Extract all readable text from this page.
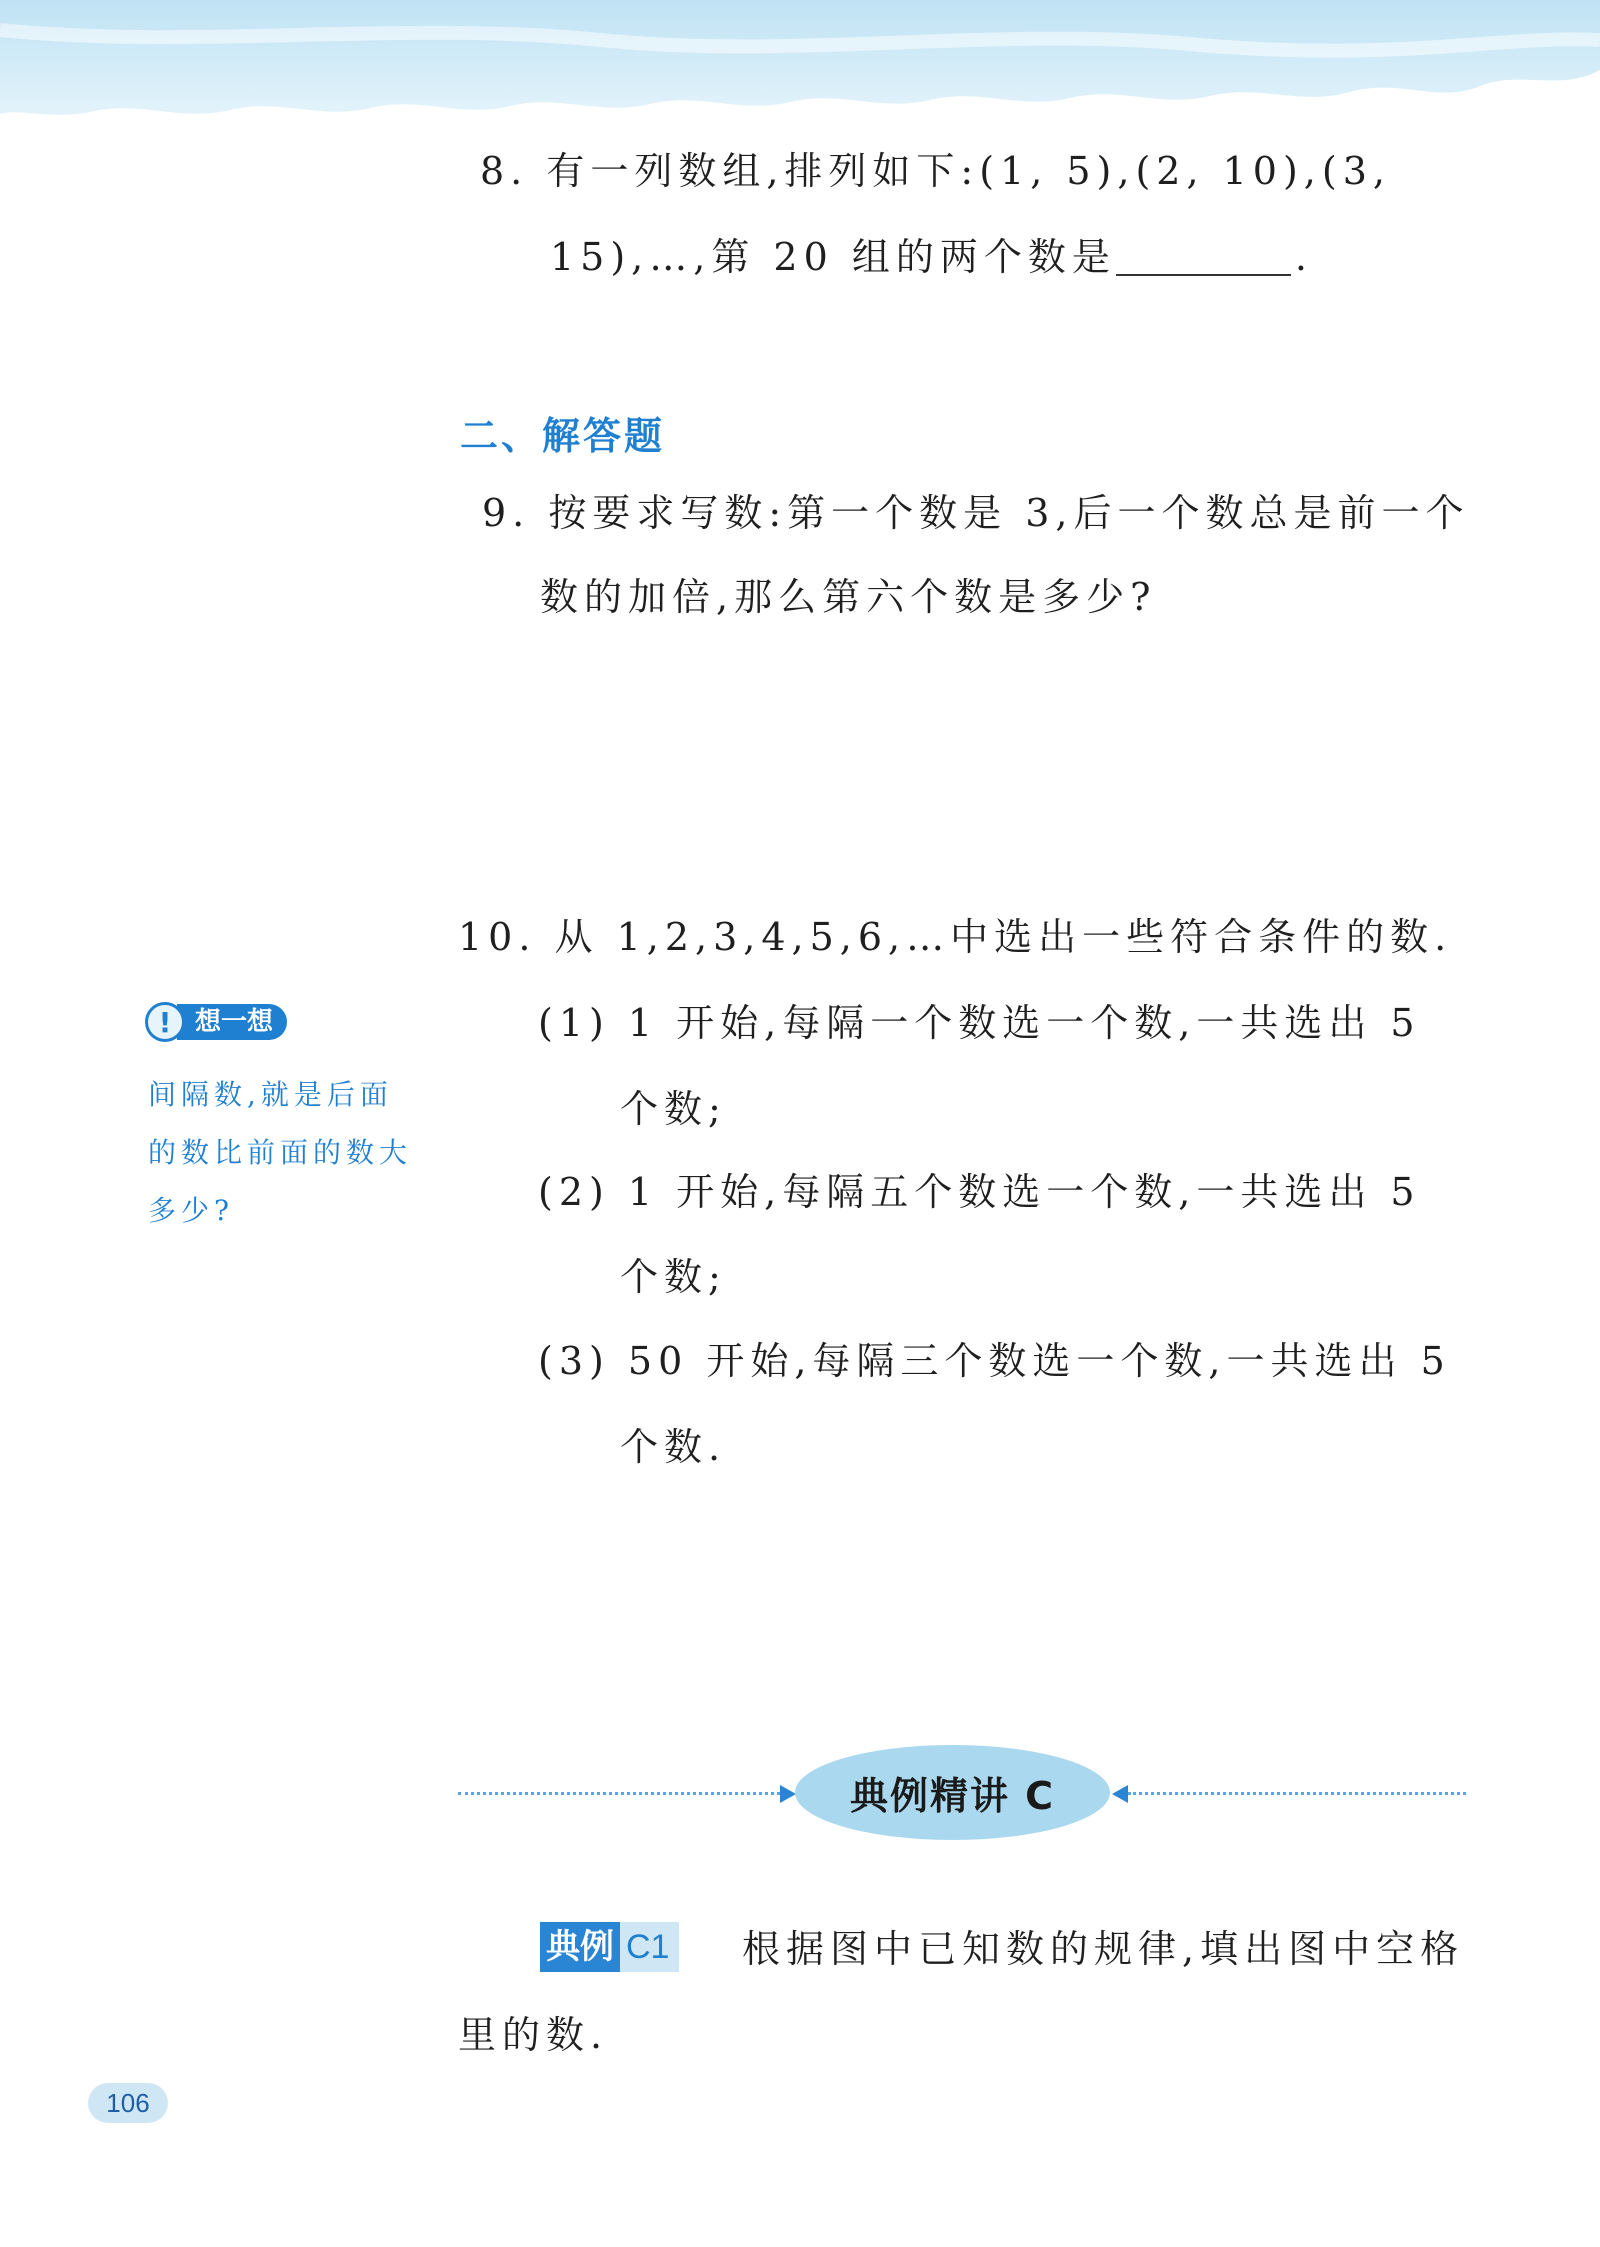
8. 有一列数组,排列如下:(1, 5),(2, 10),(3,
15),…,第 20 组的两个数是	.
二、解答题
9. 按要求写数:第一个数是 3,后一个数总是前一个
数的加倍,那么第六个数是多少?
10. 从 1,2,3,4,5,6,…中选出一些符合条件的数.
(1) 1 开始,每隔一个数选一个数,一共选出 5
个数;
(2) 1 开始,每隔五个数选一个数,一共选出 5
个数;
(3) 50 开始,每隔三个数选一个数,一共选出 5
个数.
! 想一想
间隔数,就是后面
的数比前面的数大
多少?
典例精讲 C
典例 C1 根据图中已知数的规律,填出图中空格
里的数.
106
